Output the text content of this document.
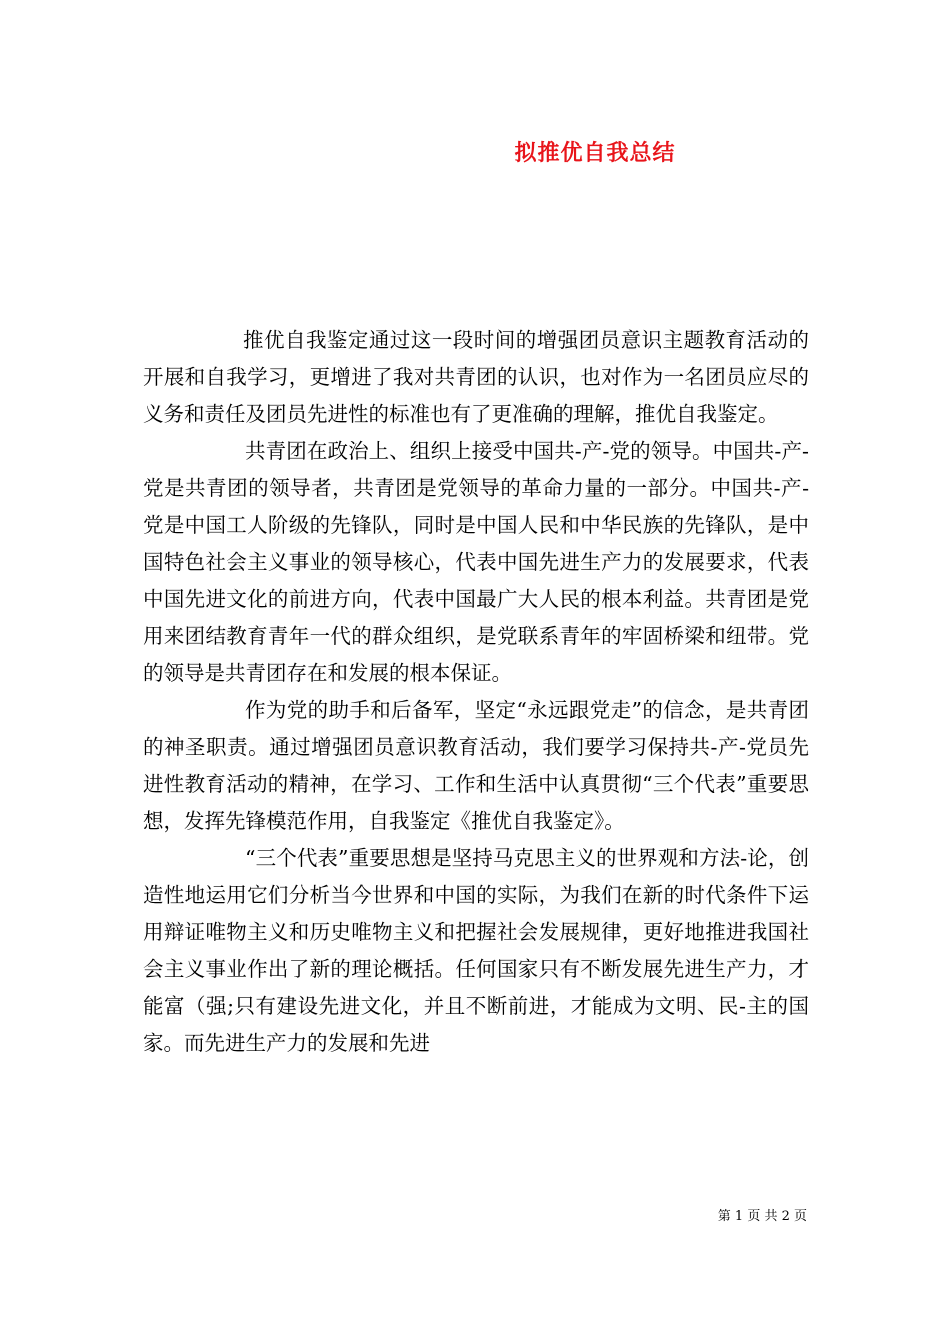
拟推优自我总结

推优自我鉴定通过这一段时间的增强团员意识主题教育活动的开展和自我学习，更增进了我对共青团的认识，也对作为一名团员应尽的义务和责任及团员先进性的标准也有了更准确的理解，推优自我鉴定。

共青团在政治上、组织上接受中国共-产-党的领导。中国共-产-党是共青团的领导者，共青团是党领导的革命力量的一部分。中国共-产-党是中国工人阶级的先锋队，同时是中国人民和中华民族的先锋队，是中国特色社会主义事业的领导核心，代表中国先进生产力的发展要求，代表中国先进文化的前进方向，代表中国最广大人民的根本利益。共青团是党用来团结教育青年一代的群众组织，是党联系青年的牢固桥梁和纽带。党的领导是共青团存在和发展的根本保证。

作为党的助手和后备军，坚定“永远跟党走”的信念，是共青团的神圣职责。通过增强团员意识教育活动，我们要学习保持共-产-党员先进性教育活动的精神，在学习、工作和生活中认真贯彻“三个代表”重要思想，发挥先锋模范作用，自我鉴定《推优自我鉴定》。

“三个代表”重要思想是坚持马克思主义的世界观和方法-论，创造性地运用它们分析当今世界和中国的实际，为我们在新的时代条件下运用辩证唯物主义和历史唯物主义和把握社会发展规律，更好地推进我国社会主义事业作出了新的理论概括。任何国家只有不断发展先进生产力，才能富（强;只有建设先进文化，并且不断前进，才能成为文明、民-主的国家。而先进生产力的发展和先进

第 1 页 共 2 页
